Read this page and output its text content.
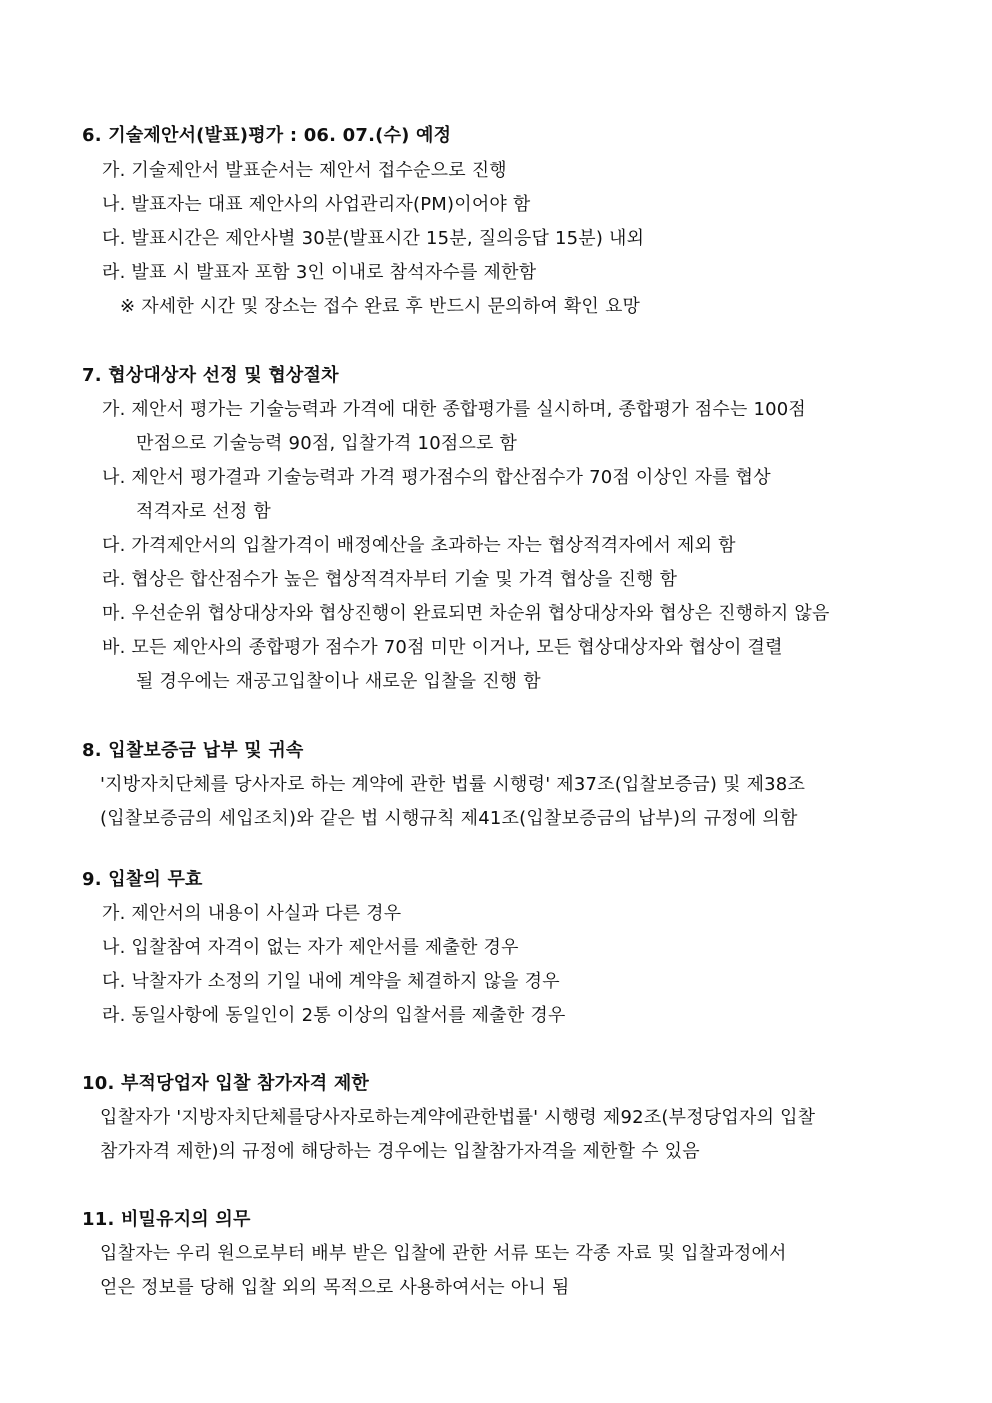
6. 기술제안서(발표)평가 : 06. 07.(수) 예정
가. 기술제안서 발표순서는 제안서 접수순으로 진행
나. 발표자는 대표 제안사의 사업관리자(PM)이어야 함
다. 발표시간은 제안사별 30분(발표시간 15분, 질의응답 15분) 내외
라. 발표 시 발표자 포함 3인 이내로 참석자수를 제한함
※ 자세한 시간 및 장소는 접수 완료 후 반드시 문의하여 확인 요망
7. 협상대상자 선정 및 협상절차
가. 제안서 평가는 기술능력과 가격에 대한 종합평가를 실시하며, 종합평가 점수는 100점
만점으로 기술능력 90점, 입찰가격 10점으로 함
나. 제안서 평가결과 기술능력과 가격 평가점수의 합산점수가 70점 이상인 자를 협상
적격자로 선정 함
다. 가격제안서의 입찰가격이 배정예산을 초과하는 자는 협상적격자에서 제외 함
라. 협상은 합산점수가 높은 협상적격자부터 기술 및 가격 협상을 진행 함
마. 우선순위 협상대상자와 협상진행이 완료되면 차순위 협상대상자와 협상은 진행하지 않음
바. 모든 제안사의 종합평가 점수가 70점 미만 이거나, 모든 협상대상자와 협상이 결렬
될 경우에는 재공고입찰이나 새로운 입찰을 진행 함
8. 입찰보증금 납부 및 귀속
'지방자치단체를 당사자로 하는 계약에 관한 법률 시행령' 제37조(입찰보증금) 및 제38조
(입찰보증금의 세입조치)와 같은 법 시행규칙 제41조(입찰보증금의 납부)의 규정에 의함
9. 입찰의 무효
가. 제안서의 내용이 사실과 다른 경우
나. 입찰참여 자격이 없는 자가 제안서를 제출한 경우
다. 낙찰자가 소정의 기일 내에 계약을 체결하지 않을 경우
라. 동일사항에 동일인이 2통 이상의 입찰서를 제출한 경우
10. 부적당업자 입찰 참가자격 제한
입찰자가 '지방자치단체를당사자로하는계약에관한법률' 시행령 제92조(부정당업자의 입찰
참가자격 제한)의 규정에 해당하는 경우에는 입찰참가자격을 제한할 수 있음
11. 비밀유지의 의무
입찰자는 우리 원으로부터 배부 받은 입찰에 관한 서류 또는 각종 자료 및 입찰과정에서
얻은 정보를 당해 입찰 외의 목적으로 사용하여서는 아니 됨
